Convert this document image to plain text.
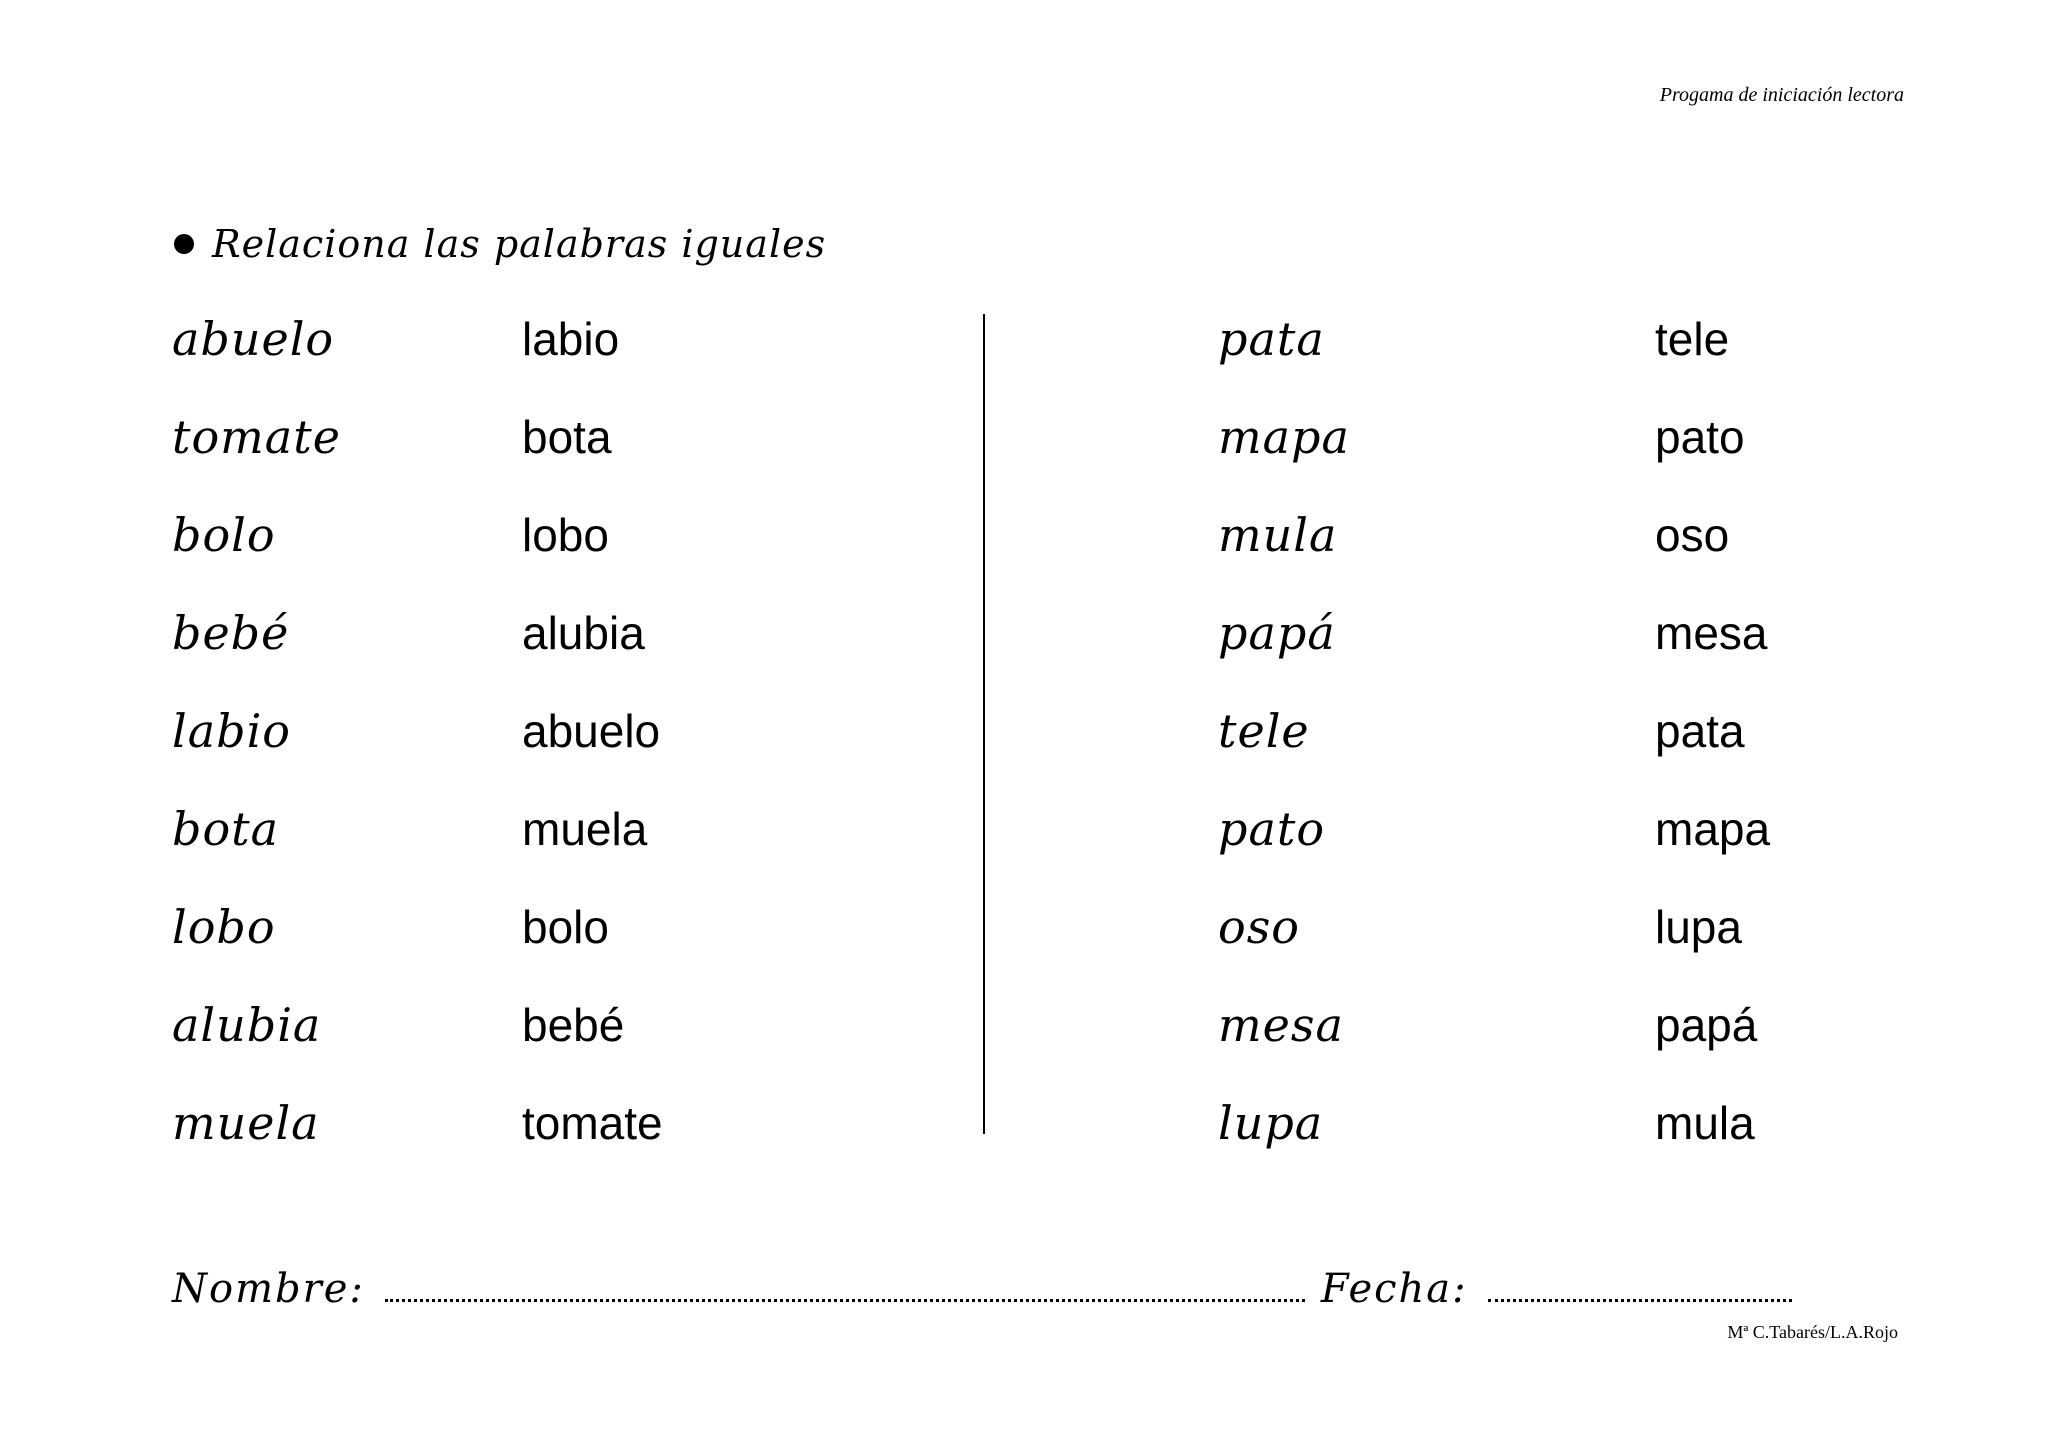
Progama de iniciación lectora
Relaciona las palabras iguales
abuelo
tomate
bolo
bebé
labio
bota
lobo
alubia
muela
labio
bota
lobo
alubia
abuelo
muela
bolo
bebé
tomate
pata
mapa
mula
papá
tele
pato
oso
mesa
lupa
tele
pato
oso
mesa
pata
mapa
lupa
papá
mula
Nombre:	Fecha:
Mª C.Tabarés/L.A.Rojo
